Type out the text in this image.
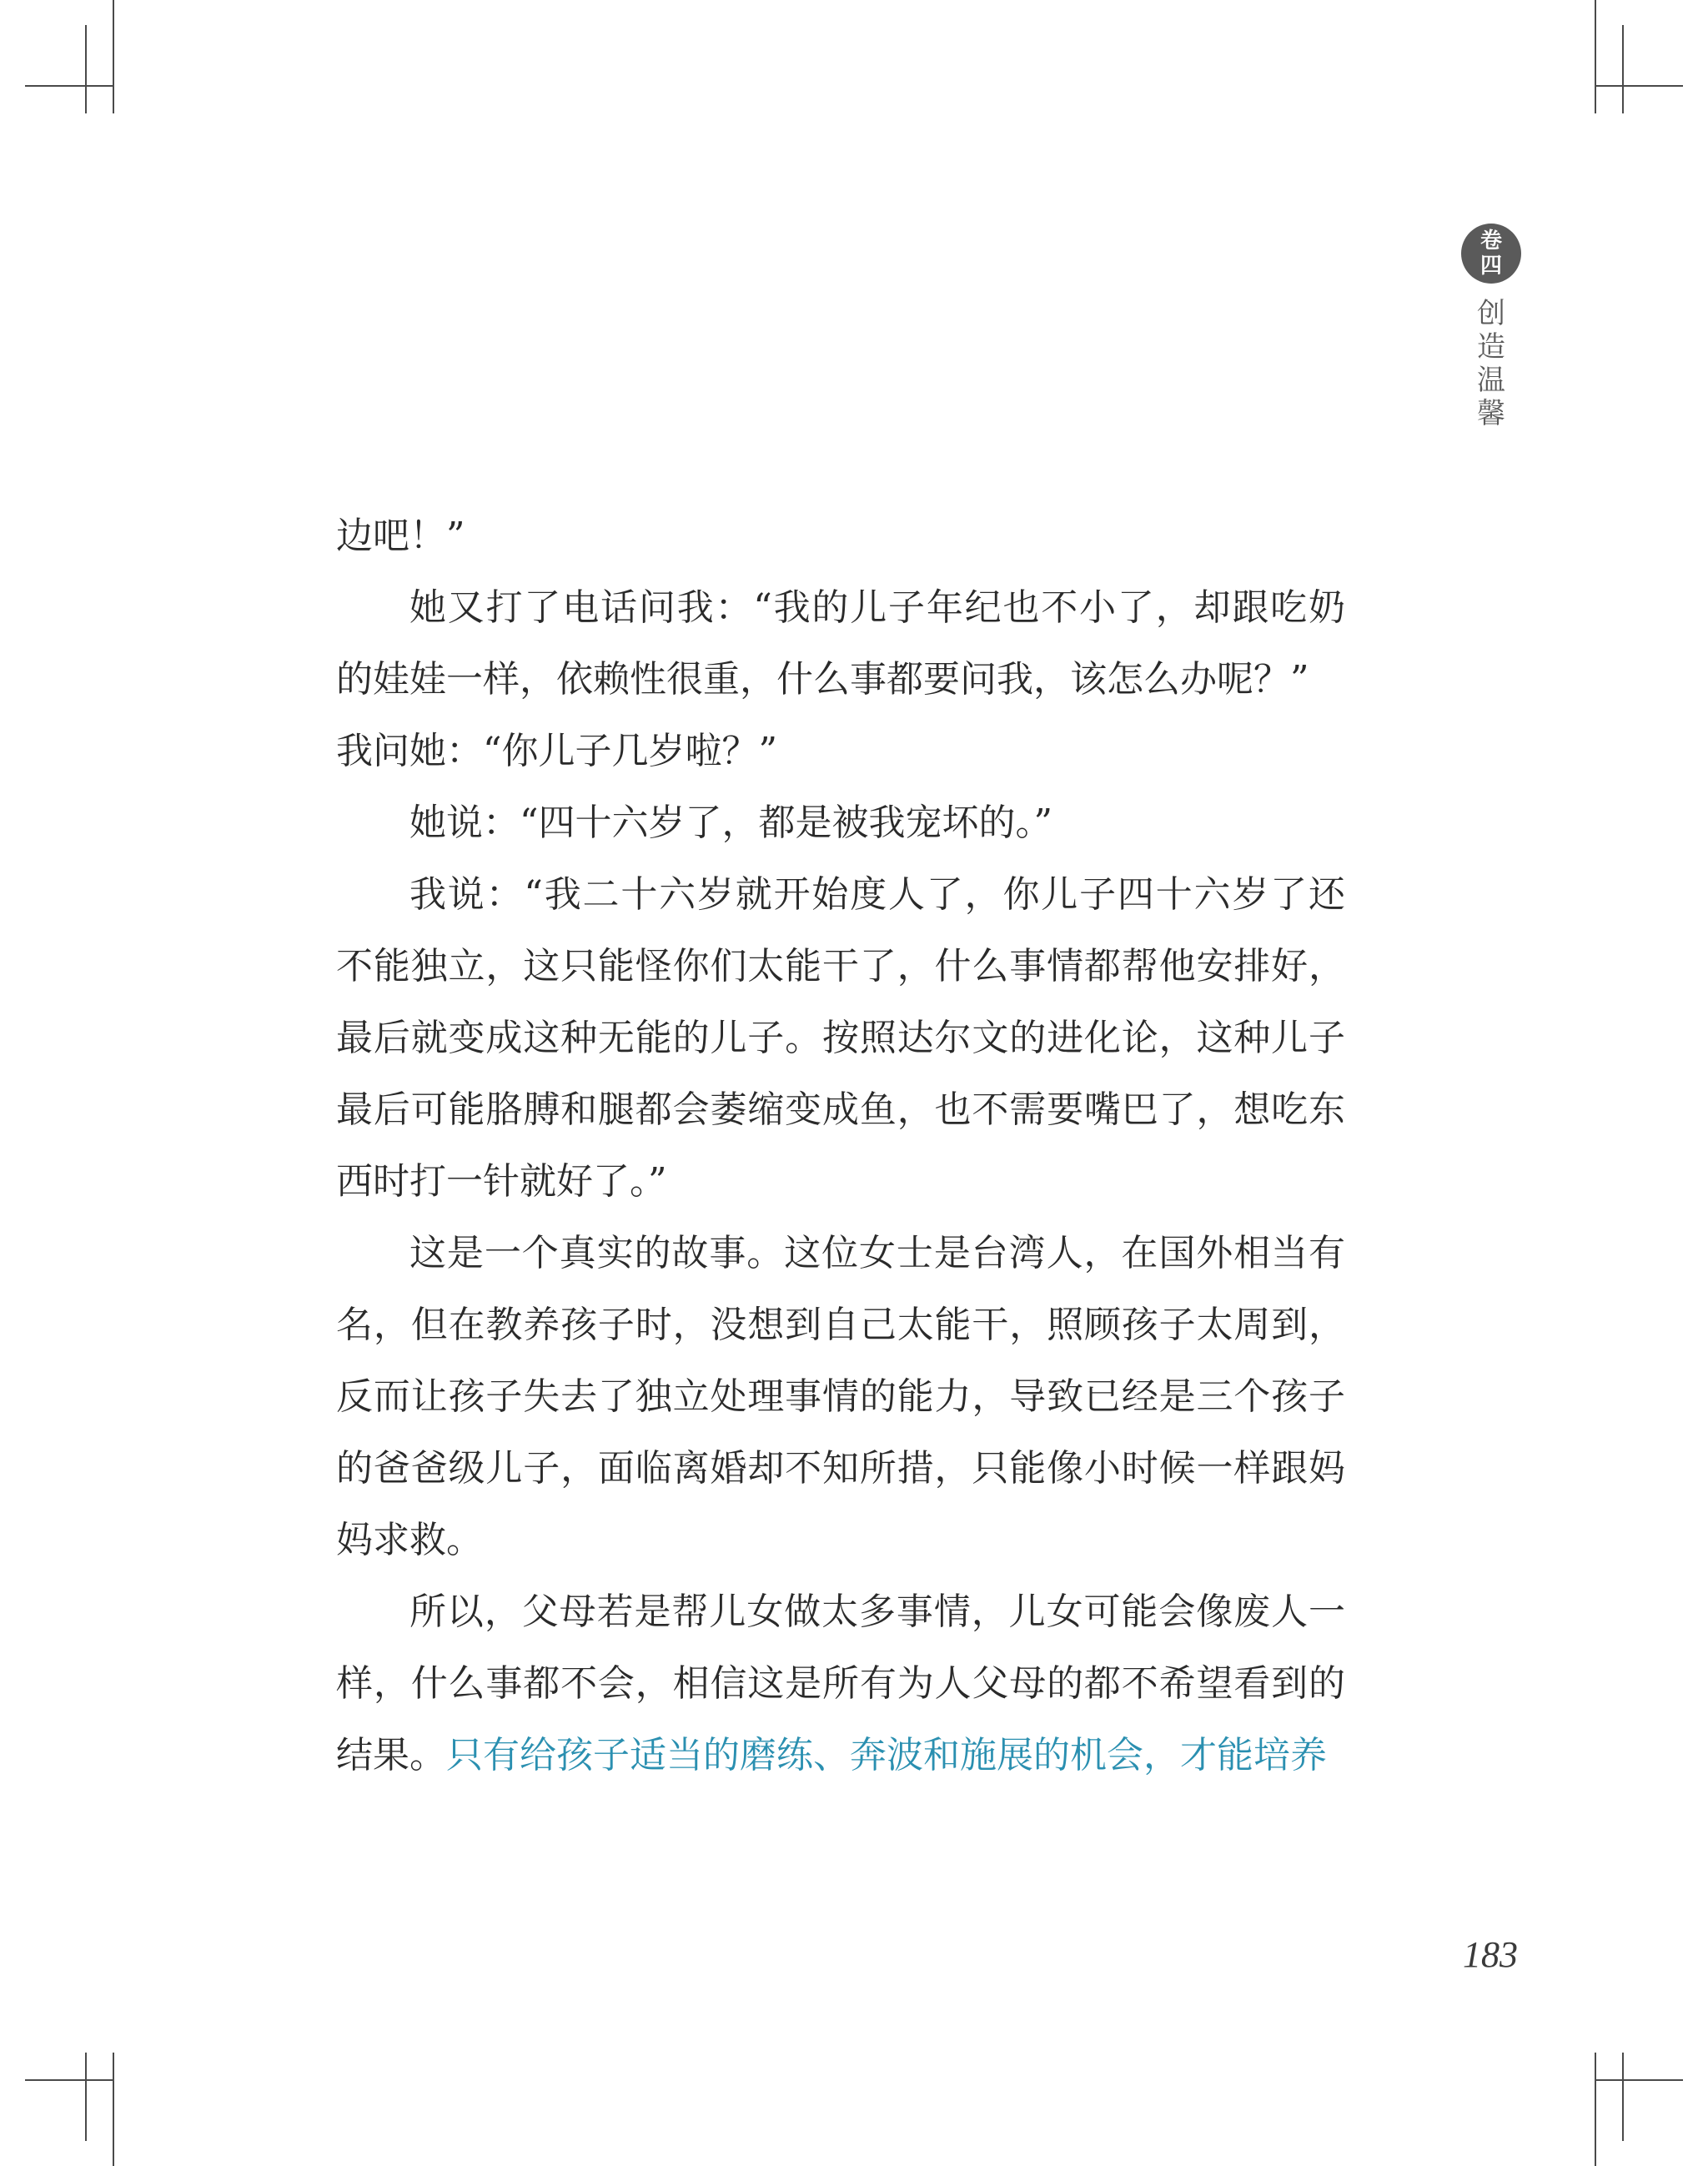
卷
四
创造温馨

边吧！”

她又打了电话问我：“我的儿子年纪也不小了，却跟吃奶的娃娃一样，依赖性很重，什么事都要问我，该怎么办呢？”

我问她：“你儿子几岁啦？”

她说：“四十六岁了，都是被我宠坏的。”

我说：“我二十六岁就开始度人了，你儿子四十六岁了还不能独立，这只能怪你们太能干了，什么事情都帮他安排好，最后就变成这种无能的儿子。按照达尔文的进化论，这种儿子最后可能胳膊和腿都会萎缩变成鱼，也不需要嘴巴了，想吃东西时打一针就好了。”

这是一个真实的故事。这位女士是台湾人，在国外相当有名，但在教养孩子时，没想到自己太能干，照顾孩子太周到，反而让孩子失去了独立处理事情的能力，导致已经是三个孩子的爸爸级儿子，面临离婚却不知所措，只能像小时候一样跟妈妈求救。

所以，父母若是帮儿女做太多事情，儿女可能会像废人一样，什么事都不会，相信这是所有为人父母的都不希望看到的结果。只有给孩子适当的磨练、奔波和施展的机会，才能培养

183
